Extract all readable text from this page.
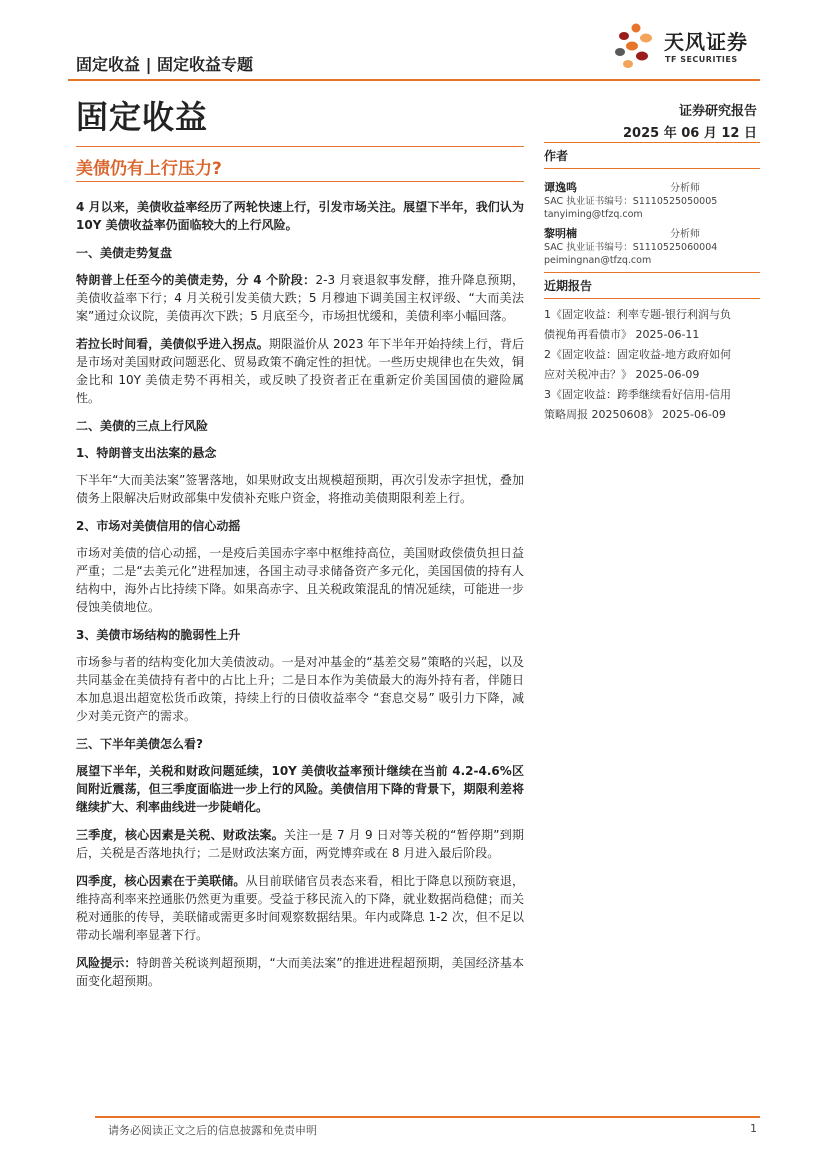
固定收益 | 固定收益专题
天风证券
TF SECURITIES
固定收益	证券研究报告
2025 年 06 月 12 日
美债仍有上行压力?

4 月以来，美债收益率经历了两轮快速上行，引发市场关注。展望下半年，我们认为 10Y 美债收益率仍面临较大的上行风险。

一、美债走势复盘

特朗普上任至今的美债走势，分 4 个阶段：2-3 月衰退叙事发酵，推升降息预期，美债收益率下行；4 月关税引发美债大跌；5 月穆迪下调美国主权评级、“大而美法案”通过众议院，美债再次下跌；5 月底至今，市场担忧缓和，美债利率小幅回落。

若拉长时间看，美债似乎进入拐点。期限溢价从 2023 年下半年开始持续上行，背后是市场对美国财政问题恶化、贸易政策不确定性的担忧。一些历史规律也在失效，铜金比和 10Y 美债走势不再相关，或反映了投资者正在重新定价美国国债的避险属性。

二、美债的三点上行风险
1、特朗普支出法案的悬念

下半年“大而美法案”签署落地，如果财政支出规模超预期，再次引发赤字担忧，叠加债务上限解决后财政部集中发债补充账户资金，将推动美债期限利差上行。

2、市场对美债信用的信心动摇

市场对美债的信心动摇，一是疫后美国赤字率中枢维持高位，美国财政偿债负担日益严重；二是“去美元化”进程加速，各国主动寻求储备资产多元化，美国国债的持有人结构中，海外占比持续下降。如果高赤字、且关税政策混乱的情况延续，可能进一步侵蚀美债地位。

3、美债市场结构的脆弱性上升

市场参与者的结构变化加大美债波动。一是对冲基金的“基差交易”策略的兴起，以及共同基金在美债持有者中的占比上升；二是日本作为美债最大的海外持有者，伴随日本加息退出超宽松货币政策，持续上行的日债收益率令 “套息交易” 吸引力下降，减少对美元资产的需求。

三、下半年美债怎么看?

展望下半年，关税和财政问题延续，10Y 美债收益率预计继续在当前 4.2-4.6%区间附近震荡，但三季度面临进一步上行的风险。美债信用下降的背景下，期限利差将继续扩大、利率曲线进一步陡峭化。

三季度，核心因素是关税、财政法案。关注一是 7 月 9 日对等关税的“暂停期”到期后，关税是否落地执行；二是财政法案方面，两党博弈或在 8 月进入最后阶段。

四季度，核心因素在于美联储。从目前联储官员表态来看，相比于降息以预防衰退，维持高利率来控通胀仍然更为重要。受益于移民流入的下降，就业数据尚稳健；而关税对通胀的传导，美联储或需更多时间观察数据结果。年内或降息 1-2 次，但不足以带动长端利率显著下行。

风险提示：特朗普关税谈判超预期，“大而美法案”的推进进程超预期，美国经济基本面变化超预期。

作者
谭逸鸣	分析师
SAC 执业证书编号：S1110525050005
tanyiming@tfzq.com
黎明楠	分析师
SAC 执业证书编号：S1110525060004
peimingnan@tfzq.com
近期报告
1《固定收益：利率专题-银行利润与负
债视角再看债市》 2025-06-11
2《固定收益：固定收益-地方政府如何
应对关税冲击？》 2025-06-09
3《固定收益：跨季继续看好信用-信用
策略周报 20250608》 2025-06-09
请务必阅读正文之后的信息披露和免责申明	1
